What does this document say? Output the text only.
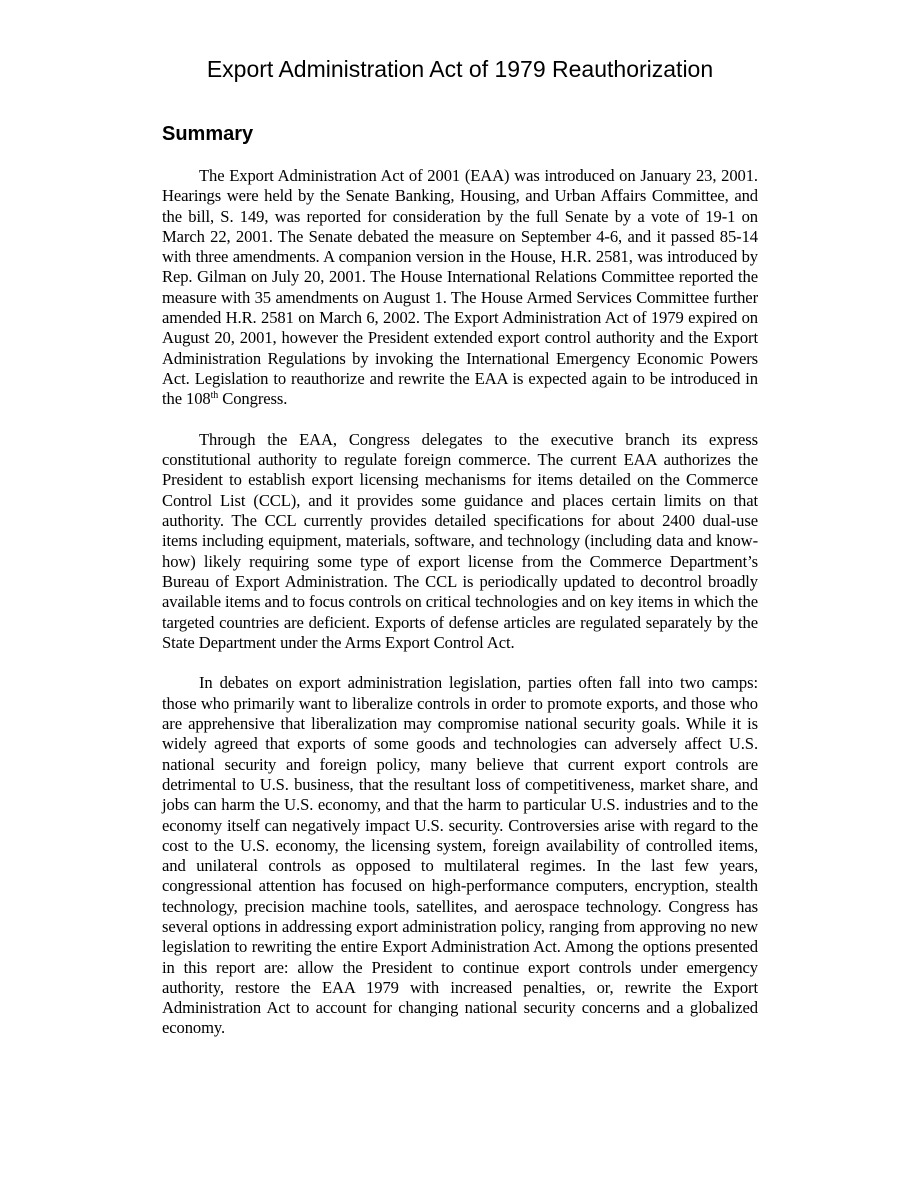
Export Administration Act of 1979 Reauthorization
Summary

The Export Administration Act of 2001 (EAA) was introduced on January 23, 2001. Hearings were held by the Senate Banking, Housing, and Urban Affairs Committee, and the bill, S. 149, was reported for consideration by the full Senate by a vote of 19-1 on March 22, 2001. The Senate debated the measure on September 4-6, and it passed 85-14 with three amendments. A companion version in the House, H.R. 2581, was introduced by Rep. Gilman on July 20, 2001. The House International Relations Committee reported the measure with 35 amendments on August 1. The House Armed Services Committee further amended H.R. 2581 on March 6, 2002. The Export Administration Act of 1979 expired on August 20, 2001, however the President extended export control authority and the Export Administration Regulations by invoking the International Emergency Economic Powers Act. Legislation to reauthorize and rewrite the EAA is expected again to be introduced in the 108th Congress.

Through the EAA, Congress delegates to the executive branch its express constitutional authority to regulate foreign commerce. The current EAA authorizes the President to establish export licensing mechanisms for items detailed on the Commerce Control List (CCL), and it provides some guidance and places certain limits on that authority. The CCL currently provides detailed specifications for about 2400 dual-use items including equipment, materials, software, and technology (including data and know-how) likely requiring some type of export license from the Commerce Department’s Bureau of Export Administration. The CCL is periodically updated to decontrol broadly available items and to focus controls on critical technologies and on key items in which the targeted countries are deficient. Exports of defense articles are regulated separately by the State Department under the Arms Export Control Act.

In debates on export administration legislation, parties often fall into two camps: those who primarily want to liberalize controls in order to promote exports, and those who are apprehensive that liberalization may compromise national security goals. While it is widely agreed that exports of some goods and technologies can adversely affect U.S. national security and foreign policy, many believe that current export controls are detrimental to U.S. business, that the resultant loss of competitiveness, market share, and jobs can harm the U.S. economy, and that the harm to particular U.S. industries and to the economy itself can negatively impact U.S. security. Controversies arise with regard to the cost to the U.S. economy, the licensing system, foreign availability of controlled items, and unilateral controls as opposed to multilateral regimes. In the last few years, congressional attention has focused on high-performance computers, encryption, stealth technology, precision machine tools, satellites, and aerospace technology. Congress has several options in addressing export administration policy, ranging from approving no new legislation to rewriting the entire Export Administration Act. Among the options presented in this report are: allow the President to continue export controls under emergency authority, restore the EAA 1979 with increased penalties, or, rewrite the Export Administration Act to account for changing national security concerns and a globalized economy.
